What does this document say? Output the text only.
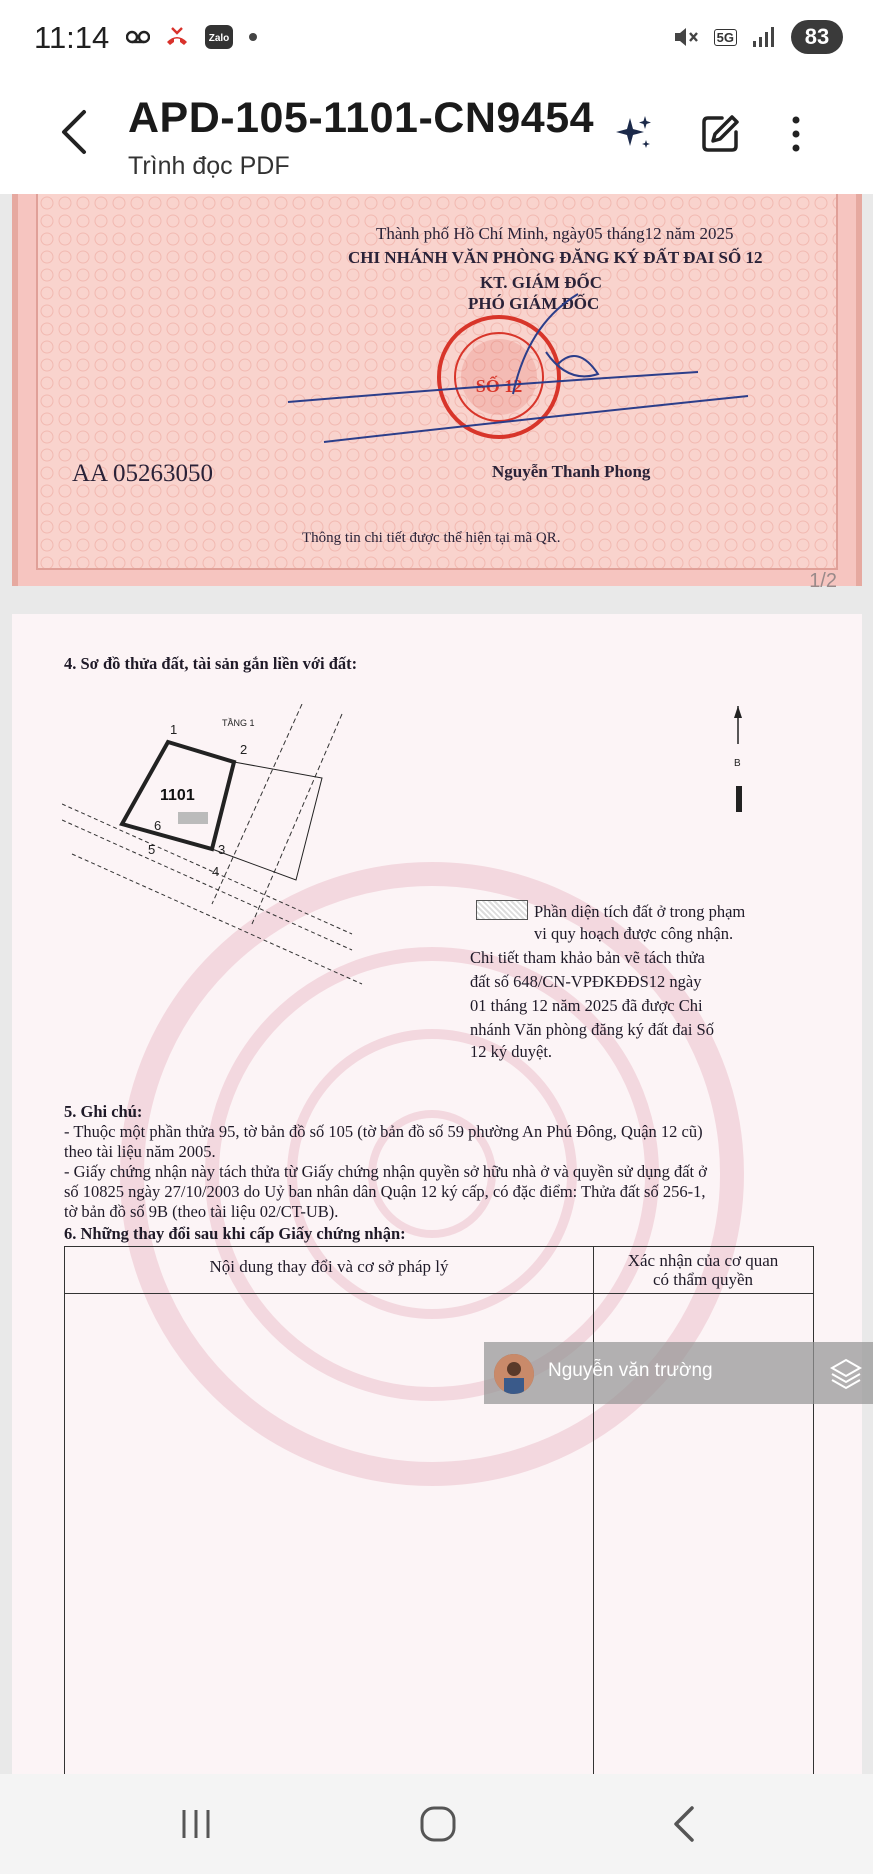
11:14	Zalo	5G	83
APD-105-1101-CN9454
Trình đọc PDF
Thành phố Hồ Chí Minh, ngày05 tháng12 năm 2025
CHI NHÁNH VĂN PHÒNG ĐĂNG KÝ ĐẤT ĐAI SỐ 12
KT. GIÁM ĐỐC
PHÓ GIÁM ĐỐC
SỐ 12
AA 05263050	Nguyễn Thanh Phong
Thông tin chi tiết được thể hiện tại mã QR.
1/2
4. Sơ đồ thửa đất, tài sản gắn liền với đất:
1
2
3
4
5
6
TẦNG 1
1101
B
Phần diện tích đất ở trong phạm
vi quy hoạch được công nhận.
Chi tiết tham khảo bản vẽ tách thửa
đất số 648/CN-VPĐKĐĐS12 ngày
01 tháng 12 năm 2025 đã được Chi
nhánh Văn phòng đăng ký đất đai Số
12 ký duyệt.
5. Ghi chú:
- Thuộc một phần thửa 95, tờ bản đồ số 105 (tờ bản đồ số 59 phường An Phú Đông, Quận 12 cũ)
theo tài liệu năm 2005.
- Giấy chứng nhận này tách thửa từ Giấy chứng nhận quyền sở hữu nhà ở và quyền sử dụng đất ở
số 10825 ngày 27/10/2003 do Uỷ ban nhân dân Quận 12 ký cấp, có đặc điểm: Thửa đất số 256-1,
tờ bản đồ số 9B (theo tài liệu 02/CT-UB).
6. Những thay đổi sau khi cấp Giấy chứng nhận:
Nội dung thay đổi và cơ sở pháp lý	Xác nhận của cơ quan
có thẩm quyền
Nguyễn văn trường
